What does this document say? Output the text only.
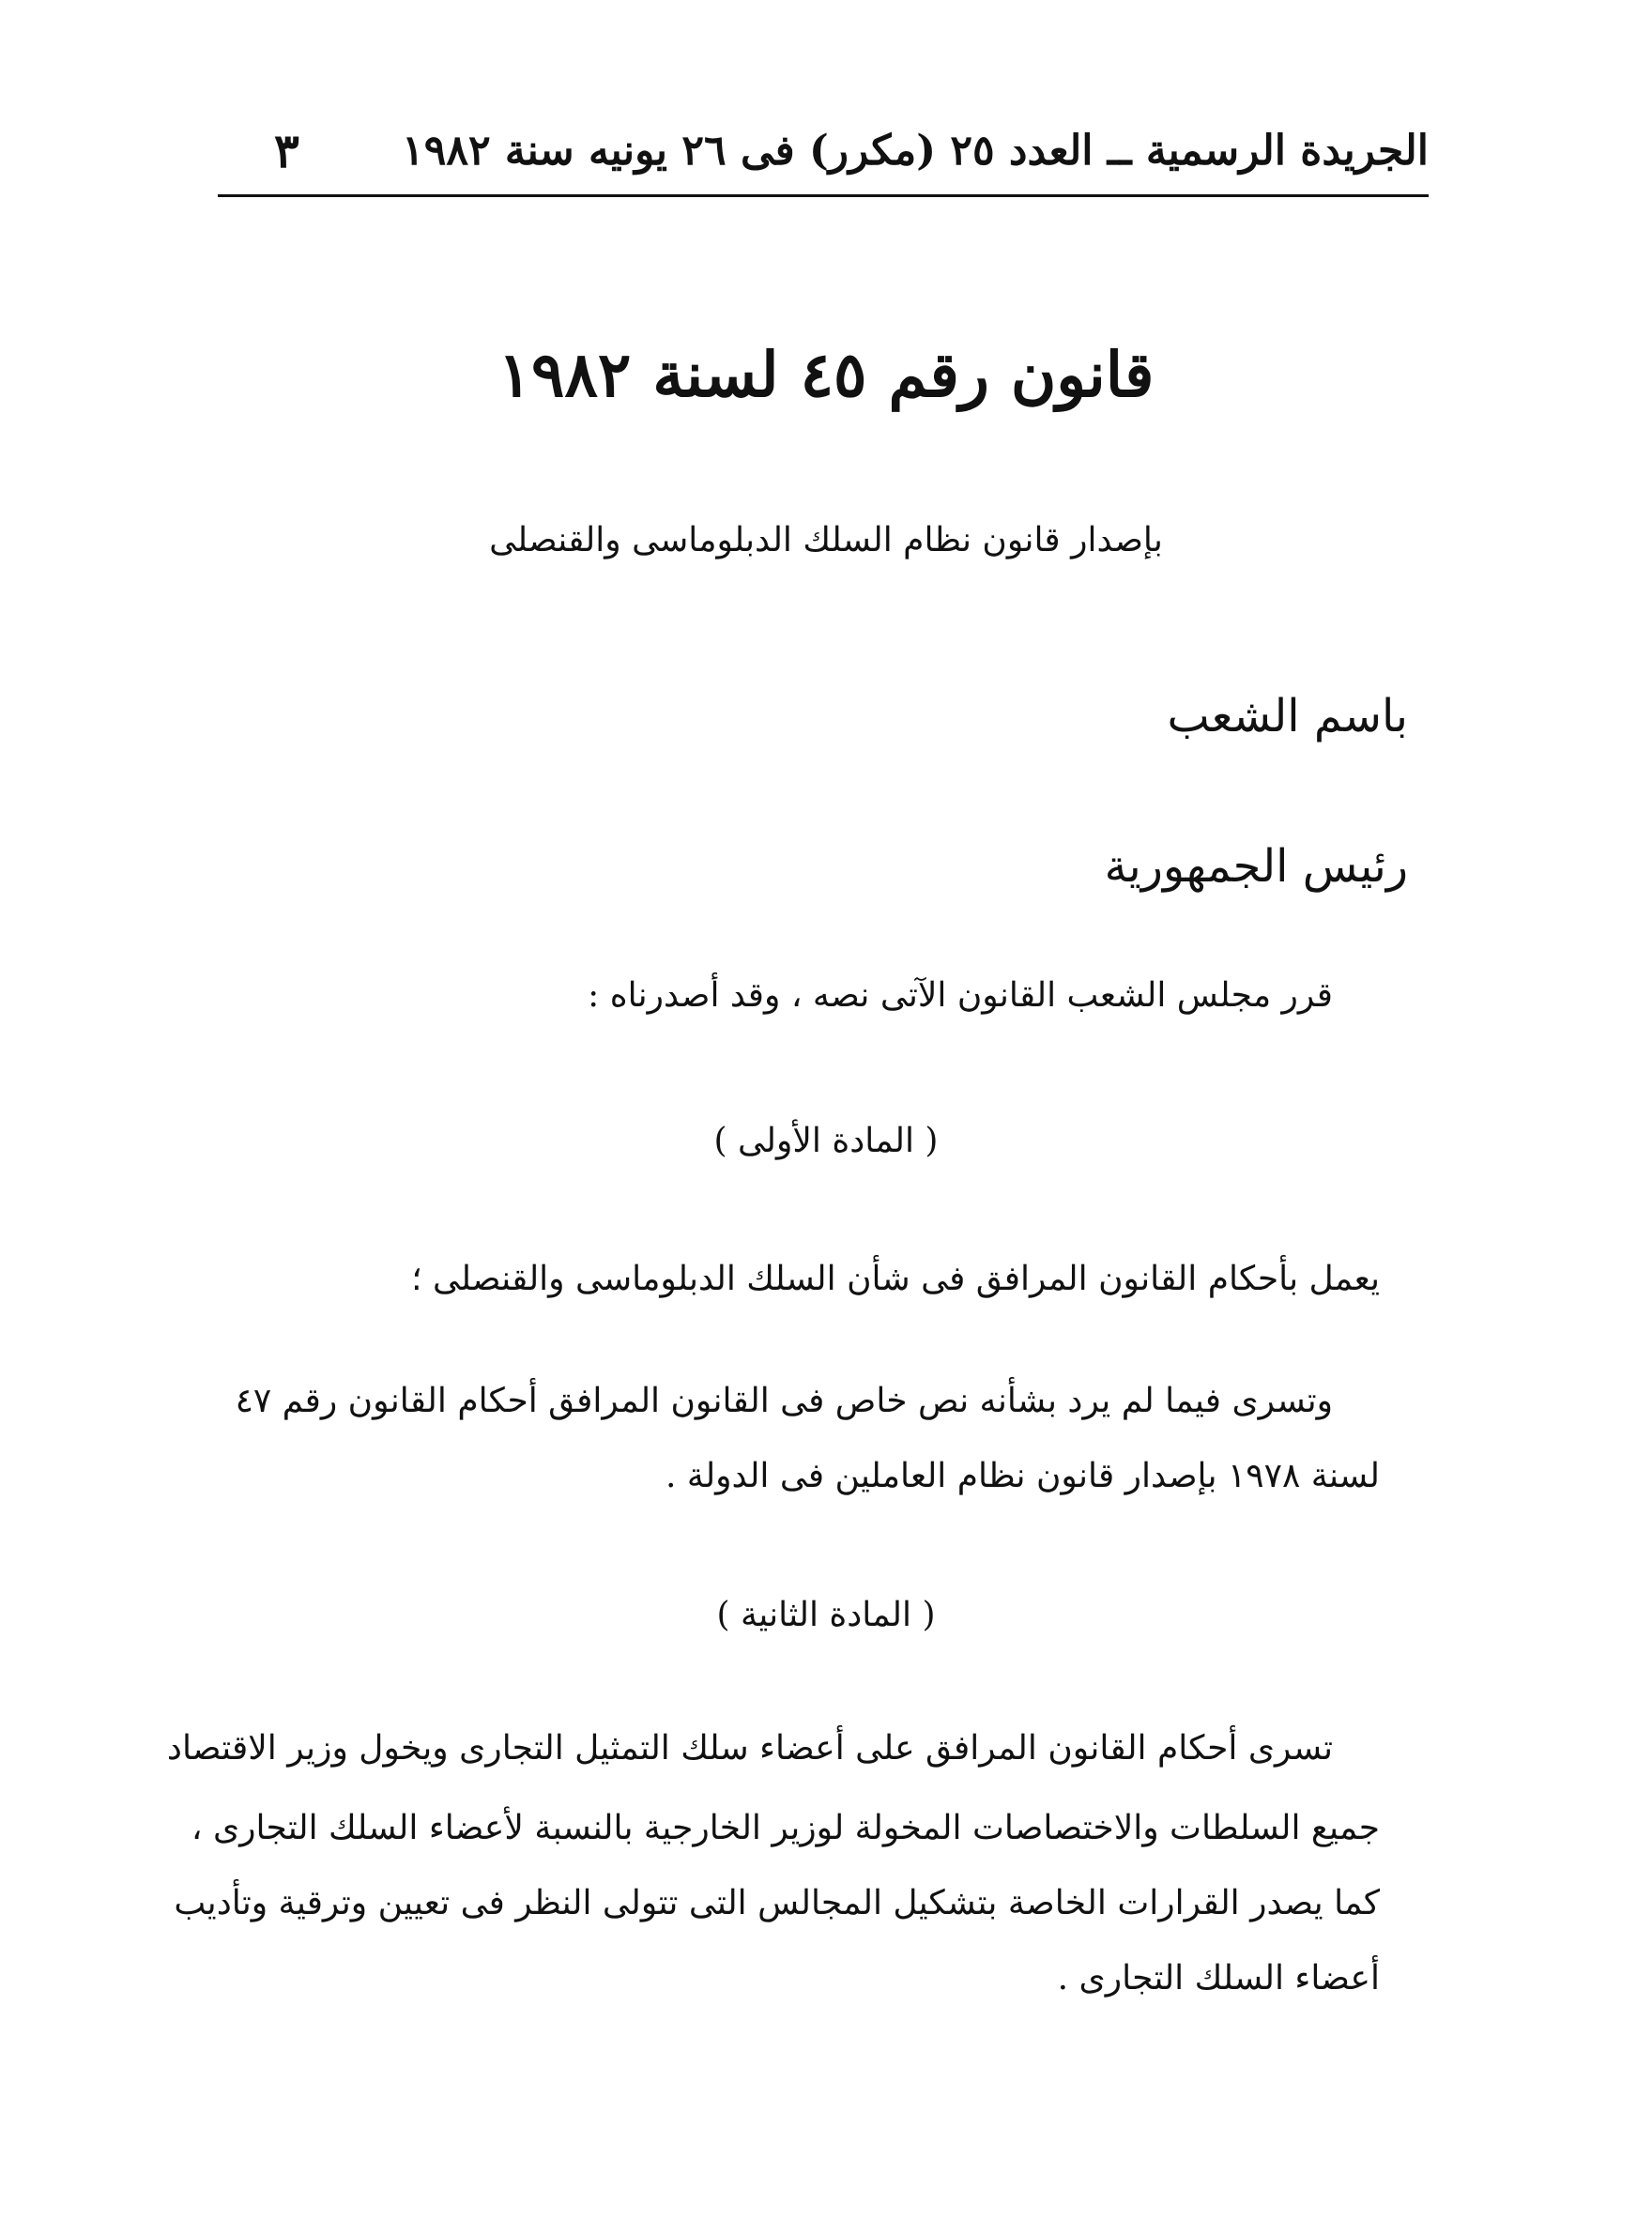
الجريدة الرسمية ــ العدد ٢٥ (مكرر) فى ٢٦ يونيه سنة ١٩٨٢
٣
قانون رقم ٤٥ لسنة ١٩٨٢
بإصدار قانون نظام السلك الدبلوماسى والقنصلى
باسم الشعب
رئيس الجمهورية
قرر مجلس الشعب القانون الآتى نصه ، وقد أصدرناه :
( المادة الأولى )
يعمل بأحكام القانون المرافق فى شأن السلك الدبلوماسى والقنصلى ؛
وتسرى فيما لم يرد بشأنه نص خاص فى القانون المرافق أحكام القانون رقم ٤٧
لسنة ١٩٧٨ بإصدار قانون نظام العاملين فى الدولة .
( المادة الثانية )
تسرى أحكام القانون المرافق على أعضاء سلك التمثيل التجارى ويخول وزير الاقتصاد
جميع السلطات والاختصاصات المخولة لوزير الخارجية بالنسبة لأعضاء السلك التجارى ،
كما يصدر القرارات الخاصة بتشكيل المجالس التى تتولى النظر فى تعيين وترقية وتأديب
أعضاء السلك التجارى .
